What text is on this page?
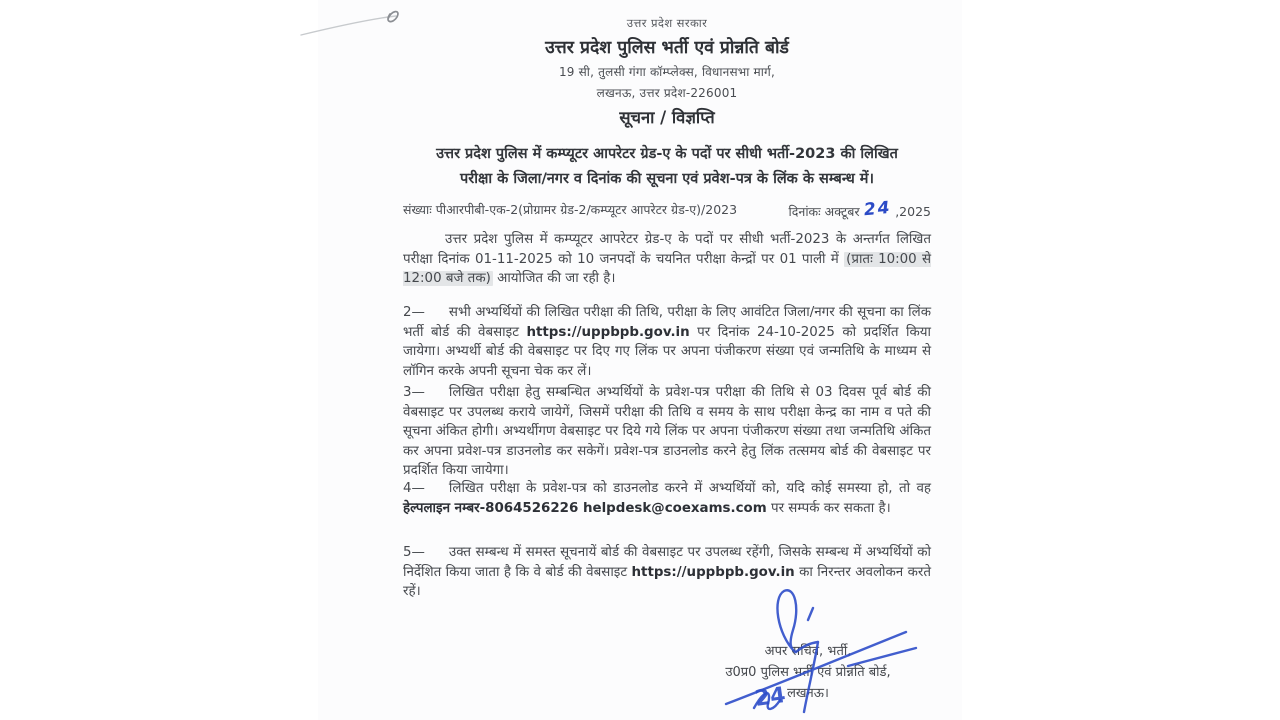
उत्तर प्रदेश सरकार
उत्तर प्रदेश पुलिस भर्ती एवं प्रोन्नति बोर्ड
19 सी, तुलसी गंगा कॉम्प्लेक्स, विधानसभा मार्ग,
लखनऊ, उत्तर प्रदेश-226001
सूचना / विज्ञप्ति
उत्तर प्रदेश पुलिस में कम्प्यूटर आपरेटर ग्रेड-ए के पदों पर सीधी भर्ती-2023 की लिखित
परीक्षा के जिला/नगर व दिनांक की सूचना एवं प्रवेश-पत्र के लिंक के सम्बन्ध में।
संख्याः पीआरपीबी-एक-2(प्रोग्रामर ग्रेड-2/कम्प्यूटर आपरेटर ग्रेड-ए)/2023	दिनांकः अक्टूबर 24 ,2025
उत्तर प्रदेश पुलिस में कम्प्यूटर आपरेटर ग्रेड-ए के पदों पर सीधी भर्ती-2023 के अन्तर्गत लिखित परीक्षा दिनांक 01-11-2025 को 10 जनपदों के चयनित परीक्षा केन्द्रों पर 01 पाली में (प्रातः 10:00 से 12:00 बजे तक) आयोजित की जा रही है।
2— सभी अभ्यर्थियों की लिखित परीक्षा की तिथि, परीक्षा के लिए आवंटित जिला/नगर की सूचना का लिंक भर्ती बोर्ड की वेबसाइट https://uppbpb.gov.in पर दिनांक 24-10-2025 को प्रदर्शित किया जायेगा। अभ्यर्थी बोर्ड की वेबसाइट पर दिए गए लिंक पर अपना पंजीकरण संख्या एवं जन्मतिथि के माध्यम से लॉगिन करके अपनी सूचना चेक कर लें।
3— लिखित परीक्षा हेतु सम्बन्धित अभ्यर्थियों के प्रवेश-पत्र परीक्षा की तिथि से 03 दिवस पूर्व बोर्ड की वेबसाइट पर उपलब्ध कराये जायेगें, जिसमें परीक्षा की तिथि व समय के साथ परीक्षा केन्द्र का नाम व पते की सूचना अंकित होगी। अभ्यर्थीगण वेबसाइट पर दिये गये लिंक पर अपना पंजीकरण संख्या तथा जन्मतिथि अंकित कर अपना प्रवेश-पत्र डाउनलोड कर सकेगें। प्रवेश-पत्र डाउनलोड करने हेतु लिंक तत्समय बोर्ड की वेबसाइट पर प्रदर्शित किया जायेगा।
4— लिखित परीक्षा के प्रवेश-पत्र को डाउनलोड करने में अभ्यर्थियों को, यदि कोई समस्या हो, तो वह हेल्पलाइन नम्बर-8064526226 helpdesk@coexams.com पर सम्पर्क कर सकता है।
5— उक्त सम्बन्ध में समस्त सूचनायें बोर्ड की वेबसाइट पर उपलब्ध रहेंगी, जिसके सम्बन्ध में अभ्यर्थियों को निर्देशित किया जाता है कि वे बोर्ड की वेबसाइट https://uppbpb.gov.in का निरन्तर अवलोकन करते रहें।
अपर सचिव, भर्ती,
उ0प्र0 पुलिस भर्ती एवं प्रोन्नति बोर्ड,
लखनऊ।
24
